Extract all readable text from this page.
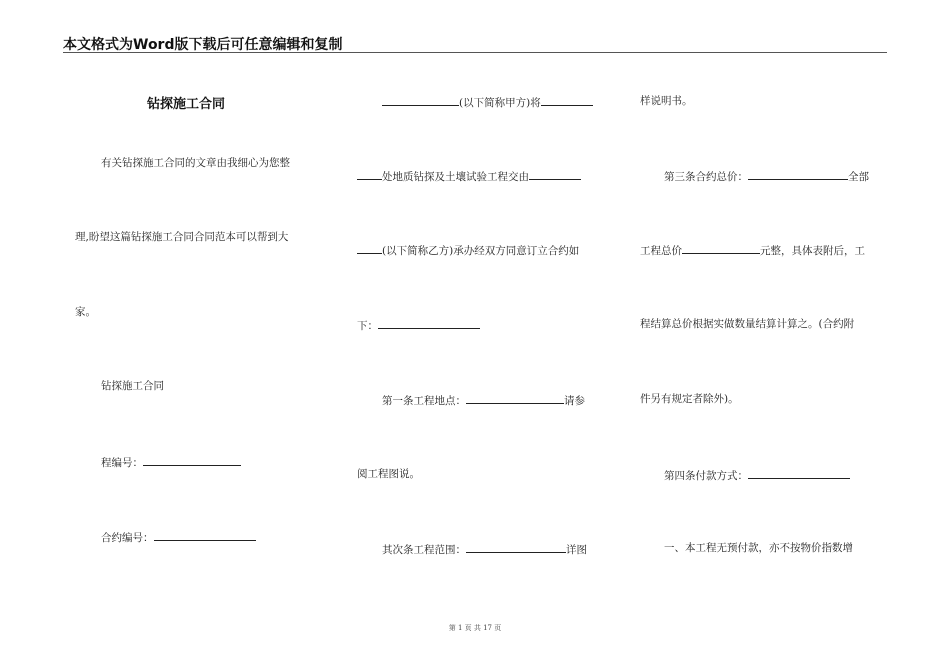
本文格式为Word版下载后可任意编辑和复制
钻探施工合同
有关钻探施工合同的文章由我细心为您整
理,盼望这篇钻探施工合同合同范本可以帮到大
家。
钻探施工合同
程编号：
合约编号：
(以下简称甲方)将
处地质钻探及土壤试验工程交由
(以下简称乙方)承办经双方同意订立合约如
下：
第一条工程地点：	请参
阅工程图说。
其次条工程范围：	详图
样说明书。
第三条合约总价：	全部
工程总价	元整，具体表附后，工
程结算总价根据实做数量结算计算之。(合约附
件另有规定者除外)。
第四条付款方式：
一、本工程无预付款，亦不按物价指数增
第 1 页 共 17 页
